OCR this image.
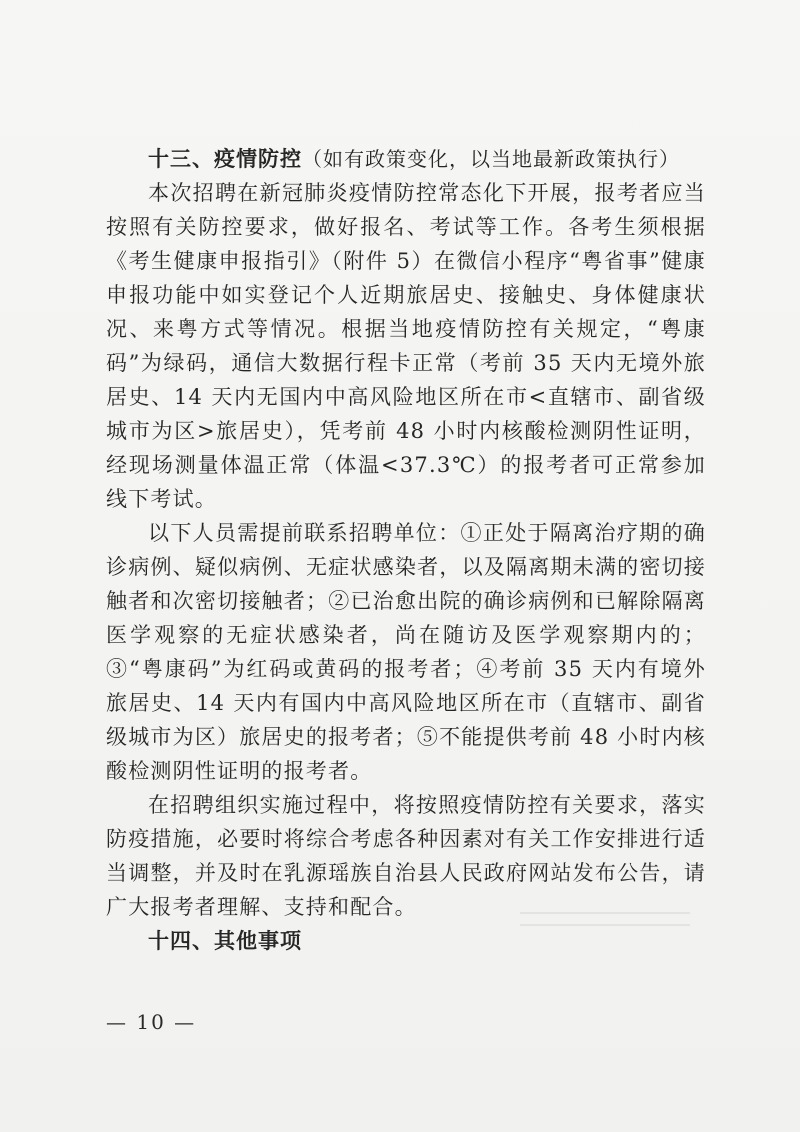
十三、疫情防控（如有政策变化，以当地最新政策执行）

本次招聘在新冠肺炎疫情防控常态化下开展，报考者应当按照有关防控要求，做好报名、考试等工作。各考生须根据《考生健康申报指引》（附件 5）在微信小程序“粤省事”健康申报功能中如实登记个人近期旅居史、接触史、身体健康状况、来粤方式等情况。根据当地疫情防控有关规定，“粤康码”为绿码，通信大数据行程卡正常（考前 35 天内无境外旅居史、14 天内无国内中高风险地区所在市<直辖市、副省级城市为区>旅居史），凭考前 48 小时内核酸检测阴性证明，经现场测量体温正常（体温<37.3℃）的报考者可正常参加线下考试。

以下人员需提前联系招聘单位：①正处于隔离治疗期的确诊病例、疑似病例、无症状感染者，以及隔离期未满的密切接触者和次密切接触者；②已治愈出院的确诊病例和已解除隔离医学观察的无症状感染者，尚在随访及医学观察期内的；③“粤康码”为红码或黄码的报考者；④考前 35 天内有境外旅居史、14 天内有国内中高风险地区所在市（直辖市、副省级城市为区）旅居史的报考者；⑤不能提供考前 48 小时内核酸检测阴性证明的报考者。

在招聘组织实施过程中，将按照疫情防控有关要求，落实防疫措施，必要时将综合考虑各种因素对有关工作安排进行适当调整，并及时在乳源瑶族自治县人民政府网站发布公告，请广大报考者理解、支持和配合。

十四、其他事项

— 10 —
